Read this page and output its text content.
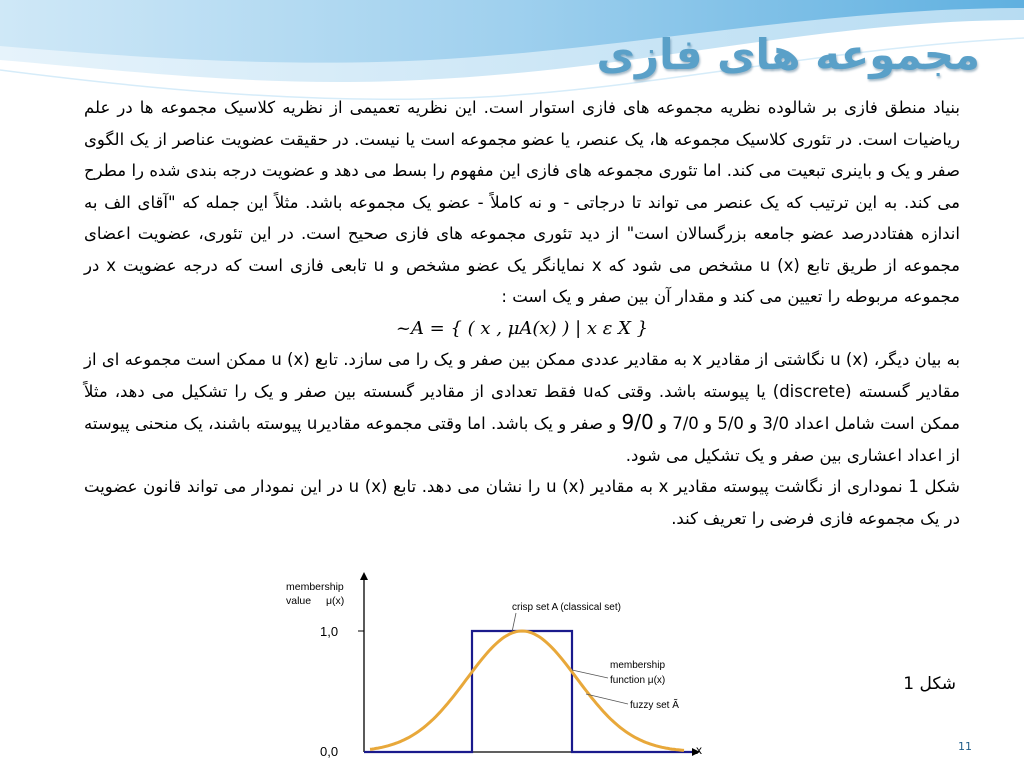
مجموعه های فازی

بنیاد منطق فازی بر شالوده نظریه مجموعه های فازی استوار است. این نظریه تعمیمی از نظریه کلاسیک مجموعه ها در علم ریاضیات است. در تئوری کلاسیک مجموعه ها، یک عنصر، یا عضو مجموعه است یا نیست. در حقیقت عضویت عناصر از یک الگوی صفر و یک و باینری تبعیت می کند. اما تئوری مجموعه های فازی این مفهوم را بسط می دهد و عضویت درجه بندی شده را مطرح می کند. به این ترتیب که یک عنصر می تواند تا درجاتی - و نه کاملاً - عضو یک مجموعه باشد. مثلاً این جمله که "آقای الف به اندازه هفتاددرصد عضو جامعه بزرگسالان است" از دید تئوری مجموعه های فازی صحیح است. در این تئوری، عضویت اعضای مجموعه از طریق تابع u (x) مشخص می شود که x نمایانگر یک عضو مشخص و u تابعی فازی است که درجه عضویت x در مجموعه مربوطه را تعیین می کند و مقدار آن بین صفر و یک است :

~A = { ( x , μA(x) ) | x ε X }

به بیان دیگر، u (x) نگاشتی از مقادیر x به مقادیر عددی ممکن بین صفر و یک را می سازد. تابع u (x) ممکن است مجموعه ای از مقادیر گسسته (discrete) یا پیوسته باشد. وقتی کهu فقط تعدادی از مقادیر گسسته بین صفر و یک را تشکیل می دهد، مثلاً ممکن است شامل اعداد 3/0 و 5/0 و 7/0 و 9/0 و صفر و یک باشد. اما وقتی مجموعه مقادیرu پیوسته باشند، یک منحنی پیوسته از اعداد اعشاری بین صفر و یک تشکیل می شود.

شکل 1 نموداری از نگاشت پیوسته مقادیر x به مقادیر u (x) را نشان می دهد. تابع u (x) در این نمودار می تواند قانون عضویت در یک مجموعه فازی فرضی را تعریف کند.

1,0
0,0	x
membership
value μ(x)
crisp set A (classical set)
membership
function μ(x)
fuzzy set Ã
شکل 1
11
